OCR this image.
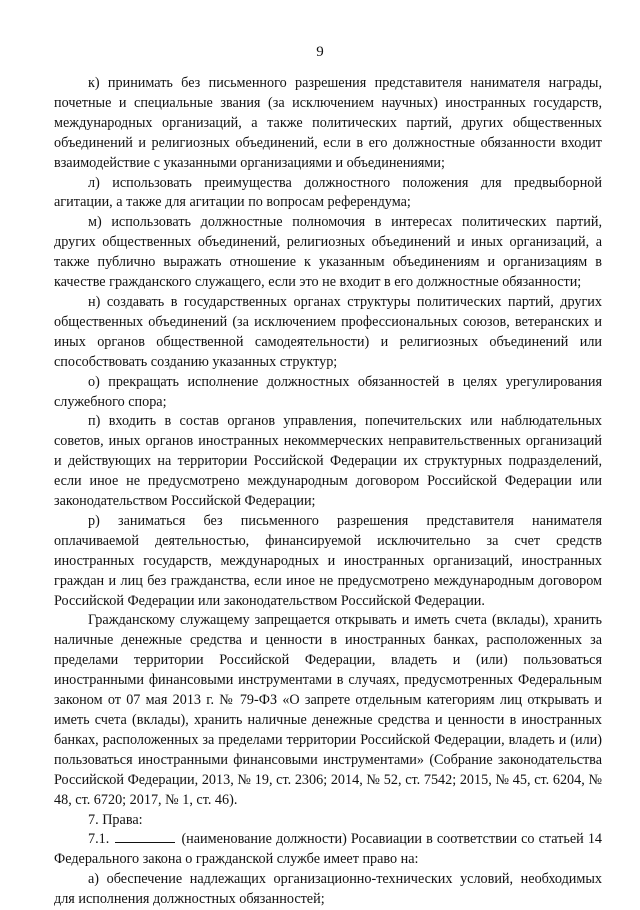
9

к) принимать без письменного разрешения представителя нанимателя награды, почетные и специальные звания (за исключением научных) иностранных государств, международных организаций, а также политических партий, других общественных объединений и религиозных объединений, если в его должностные обязанности входит взаимодействие с указанными организациями и объединениями;

л) использовать преимущества должностного положения для предвыборной агитации, а также для агитации по вопросам референдума;

м) использовать должностные полномочия в интересах политических партий, других общественных объединений, религиозных объединений и иных организаций, а также публично выражать отношение к указанным объединениям и организациям в качестве гражданского служащего, если это не входит в его должностные обязанности;

н) создавать в государственных органах структуры политических партий, других общественных объединений (за исключением профессиональных союзов, ветеранских и иных органов общественной самодеятельности) и религиозных объединений или способствовать созданию указанных структур;

о) прекращать исполнение должностных обязанностей в целях урегулирования служебного спора;

п) входить в состав органов управления, попечительских или наблюдательных советов, иных органов иностранных некоммерческих неправительственных организаций и действующих на территории Российской Федерации их структурных подразделений, если иное не предусмотрено международным договором Российской Федерации или законодательством Российской Федерации;

р) заниматься без письменного разрешения представителя нанимателя оплачиваемой деятельностью, финансируемой исключительно за счет средств иностранных государств, международных и иностранных организаций, иностранных граждан и лиц без гражданства, если иное не предусмотрено международным договором Российской Федерации или законодательством Российской Федерации.

Гражданскому служащему запрещается открывать и иметь счета (вклады), хранить наличные денежные средства и ценности в иностранных банках, расположенных за пределами территории Российской Федерации, владеть и (или) пользоваться иностранными финансовыми инструментами в случаях, предусмотренных Федеральным законом от 07 мая 2013 г. № 79-ФЗ «О запрете отдельным категориям лиц открывать и иметь счета (вклады), хранить наличные денежные средства и ценности в иностранных банках, расположенных за пределами территории Российской Федерации, владеть и (или) пользоваться иностранными финансовыми инструментами» (Собрание законодательства Российской Федерации, 2013, № 19, ст. 2306; 2014, № 52, ст. 7542; 2015, № 45, ст. 6204, № 48, ст. 6720; 2017, № 1, ст. 46).

7. Права:

7.1.	(наименование должности) Росавиации в соответствии со статьей 14 Федерального закона о гражданской службе имеет право на:

а) обеспечение надлежащих организационно-технических условий, необходимых для исполнения должностных обязанностей;
